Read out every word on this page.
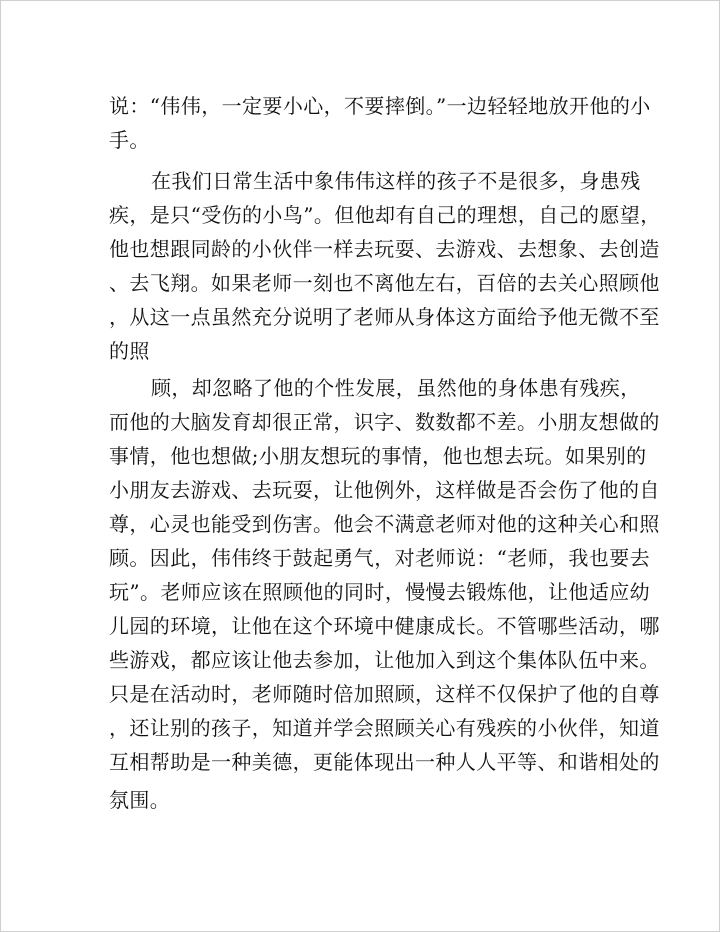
说：“伟伟，一定要小心，不要摔倒。”一边轻轻地放开他的小
手。
在我们日常生活中象伟伟这样的孩子不是很多，身患残
疾，是只“受伤的小鸟”。但他却有自己的理想，自己的愿望，
他也想跟同龄的小伙伴一样去玩耍、去游戏、去想象、去创造
、去飞翔。如果老师一刻也不离他左右，百倍的去关心照顾他
，从这一点虽然充分说明了老师从身体这方面给予他无微不至
的照
顾，却忽略了他的个性发展，虽然他的身体患有残疾，
而他的大脑发育却很正常，识字、数数都不差。小朋友想做的
事情，他也想做;小朋友想玩的事情，他也想去玩。如果别的
小朋友去游戏、去玩耍，让他例外，这样做是否会伤了他的自
尊，心灵也能受到伤害。他会不满意老师对他的这种关心和照
顾。因此，伟伟终于鼓起勇气，对老师说：“老师，我也要去
玩”。老师应该在照顾他的同时，慢慢去锻炼他，让他适应幼
儿园的环境，让他在这个环境中健康成长。不管哪些活动，哪
些游戏，都应该让他去参加，让他加入到这个集体队伍中来。
只是在活动时，老师随时倍加照顾，这样不仅保护了他的自尊
，还让别的孩子，知道并学会照顾关心有残疾的小伙伴，知道
互相帮助是一种美德，更能体现出一种人人平等、和谐相处的
氛围。
